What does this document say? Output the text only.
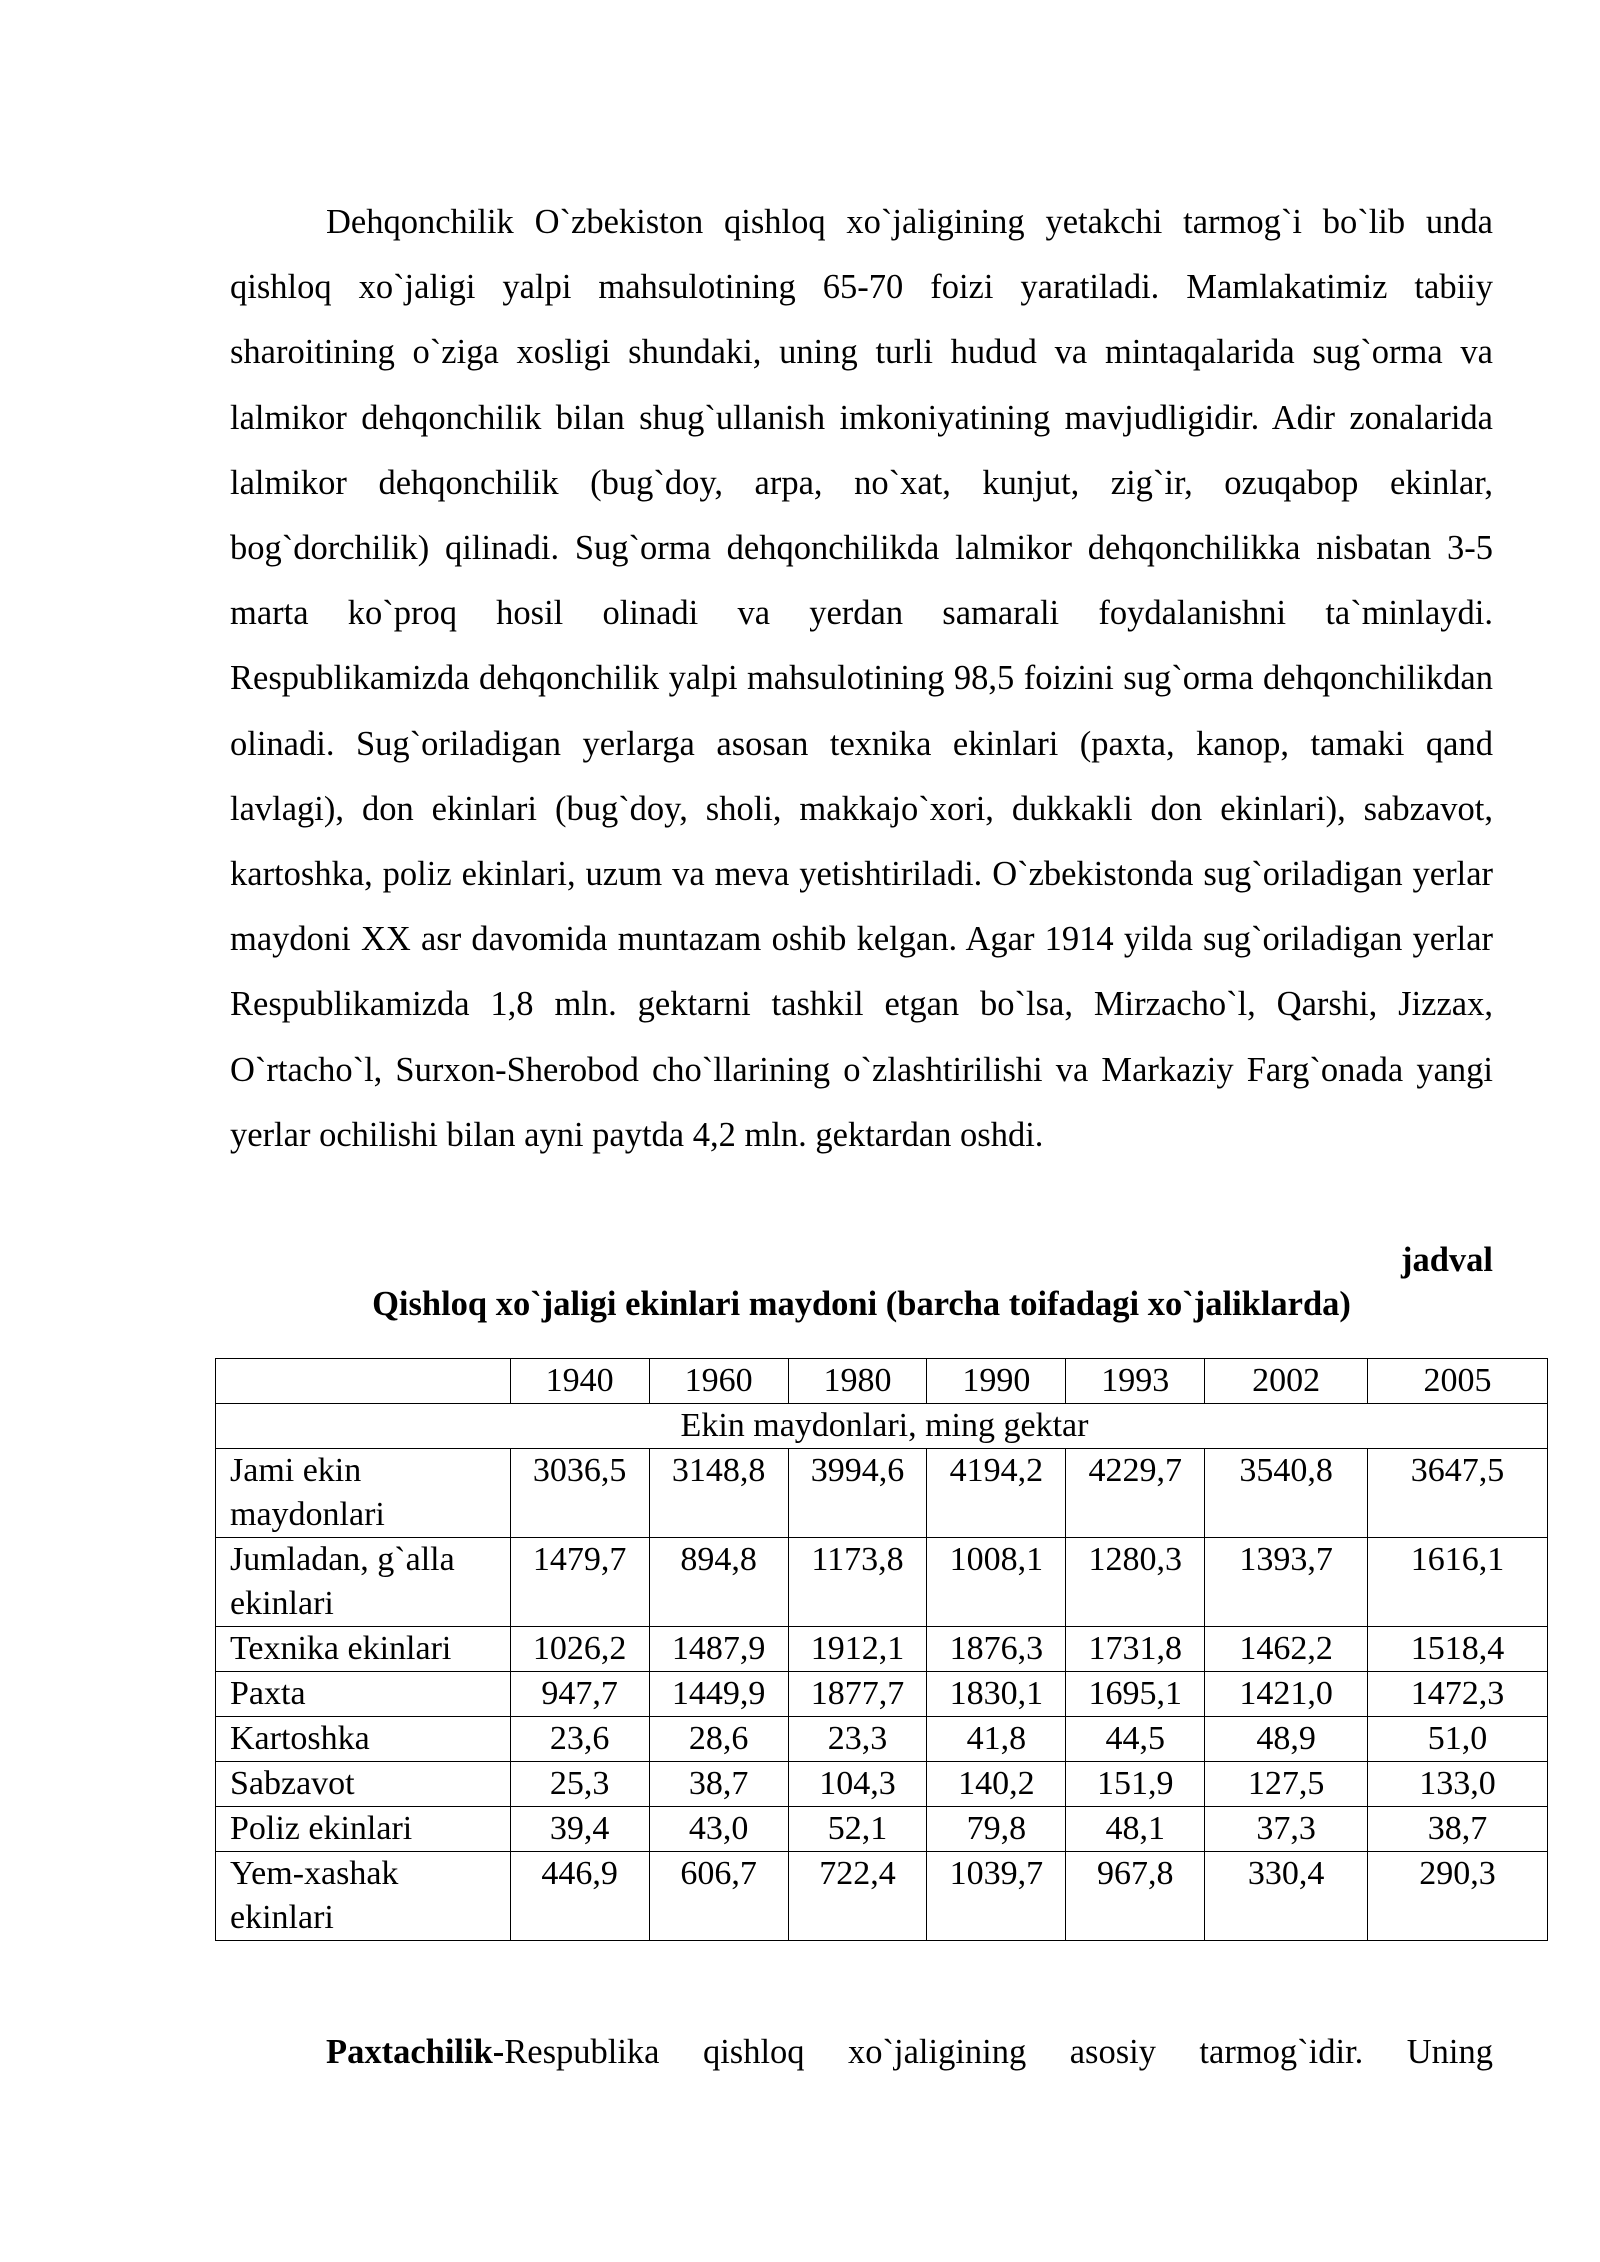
Dehqonchilik O`zbekiston qishloq xo`jaligining yetakchi tarmog`i bo`lib unda qishloq xo`jaligi yalpi mahsulotining 65-70 foizi yaratiladi. Mamlakatimiz tabiiy sharoitining o`ziga xosligi shundaki, uning turli hudud va mintaqalarida sug`orma va lalmikor dehqonchilik bilan shug`ullanish imkoniyatining mavjudligidir. Adir zonalarida lalmikor dehqonchilik (bug`doy, arpa, no`xat, kunjut, zig`ir, ozuqabop ekinlar, bog`dorchilik) qilinadi. Sug`orma dehqonchilikda lalmikor dehqonchilikka nisbatan 3-5 marta ko`proq hosil olinadi va yerdan samarali foydalanishni ta`minlaydi. Respublikamizda dehqonchilik yalpi mahsulotining 98,5 foizini sug`orma dehqonchilikdan olinadi. Sug`oriladigan yerlarga asosan texnika ekinlari (paxta, kanop, tamaki qand lavlagi), don ekinlari (bug`doy, sholi, makkajo`xori, dukkakli don ekinlari), sabzavot, kartoshka, poliz ekinlari, uzum va meva yetishtiriladi. O`zbekistonda sug`oriladigan yerlar maydoni XX asr davomida muntazam oshib kelgan. Agar 1914 yilda sug`oriladigan yerlar Respublikamizda 1,8 mln. gektarni tashkil etgan bo`lsa, Mirzacho`l, Qarshi, Jizzax, O`rtacho`l, Surxon-Sherobod cho`llarining o`zlashtirilishi va Markaziy Farg`onada yangi yerlar ochilishi bilan ayni paytda 4,2 mln. gektardan oshdi.

jadval

Qishloq xo`jaligi ekinlari maydoni (barcha toifadagi xo`jaliklarda)

	1940	1960	1980	1990	1993	2002	2005
Ekin maydonlari, ming gektar							
Jami ekin maydonlari	3036,5	3148,8	3994,6	4194,2	4229,7	3540,8	3647,5
Jumladan, g`alla ekinlari	1479,7	894,8	1173,8	1008,1	1280,3	1393,7	1616,1
Texnika ekinlari	1026,2	1487,9	1912,1	1876,3	1731,8	1462,2	1518,4
Paxta	947,7	1449,9	1877,7	1830,1	1695,1	1421,0	1472,3
Kartoshka	23,6	28,6	23,3	41,8	44,5	48,9	51,0
Sabzavot	25,3	38,7	104,3	140,2	151,9	127,5	133,0
Poliz ekinlari	39,4	43,0	52,1	79,8	48,1	37,3	38,7
Yem-xashak ekinlari	446,9	606,7	722,4	1039,7	967,8	330,4	290,3

Paxtachilik-Respublika qishloq xo`jaligining asosiy tarmog`idir. Uning
